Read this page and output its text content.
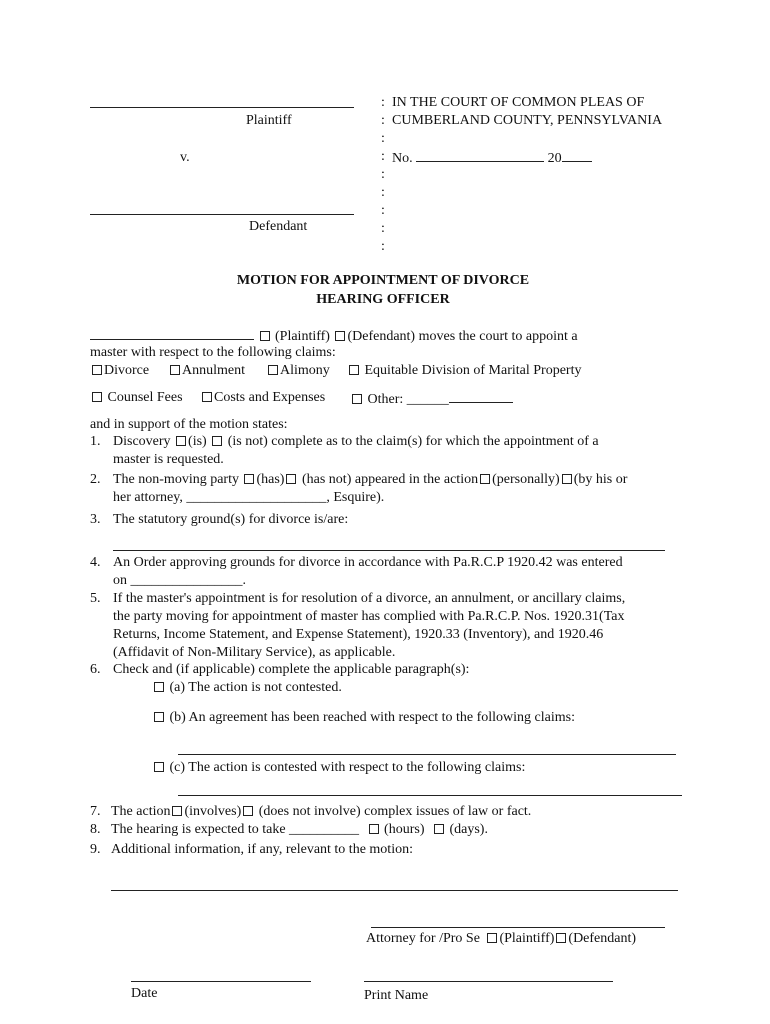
Plaintiff
v.
Defendant
:
:
:
:
:
:
:
:
:
IN THE COURT OF COMMON PLEAS OF
CUMBERLAND COUNTY, PENNSYLVANIA
No.	20
MOTION FOR APPOINTMENT OF DIVORCE
HEARING OFFICER
(Plaintiff) (Defendant) moves the court to appoint a
master with respect to the following claims:
Divorce	Annulment	Alimony	Equitable Division of Marital Property
Counsel Fees	Costs and Expenses	Other: ______
and in support of the motion states:
1. Discovery (is) (is not) complete as to the claim(s) for which the appointment of a
master is requested.
2. The non-moving party (has) (has not) appeared in the action (personally) (by his or
her attorney, ____________________, Esquire).
3. The statutory ground(s) for divorce is/are:
4. An Order approving grounds for divorce in accordance with Pa.R.C.P 1920.42 was entered
on ________________.
5. If the master's appointment is for resolution of a divorce, an annulment, or ancillary claims,
the party moving for appointment of master has complied with Pa.R.C.P. Nos. 1920.31(Tax
Returns, Income Statement, and Expense Statement), 1920.33 (Inventory), and 1920.46
(Affidavit of Non-Military Service), as applicable.
6. Check and (if applicable) complete the applicable paragraph(s):
(a) The action is not contested.
(b) An agreement has been reached with respect to the following claims:
(c) The action is contested with respect to the following claims:
7. The action (involves) (does not involve) complex issues of law or fact.
8. The hearing is expected to take __________ (hours) (days).
9. Additional information, if any, relevant to the motion:
Attorney for /Pro Se (Plaintiff) (Defendant)
Date	Print Name
